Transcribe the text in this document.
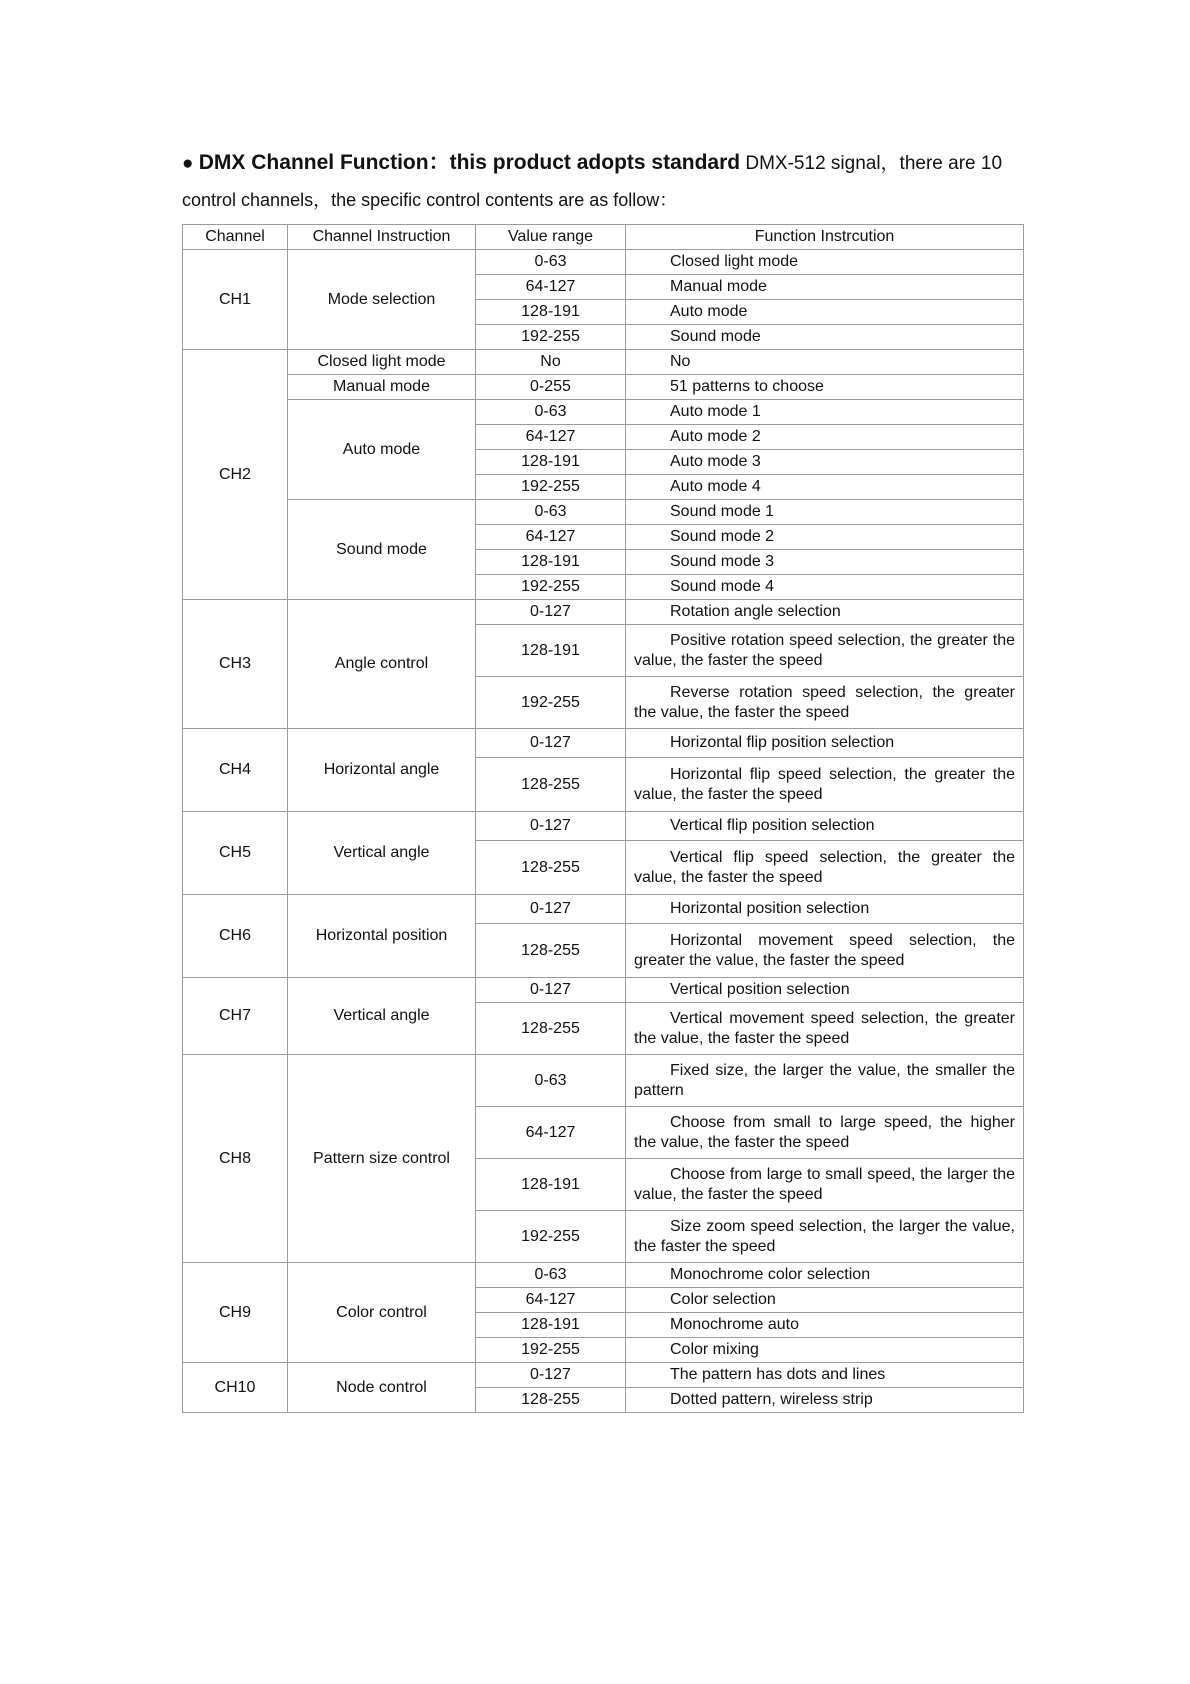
● DMX Channel Function：this product adopts standard DMX-512 signal，there are 10
control channels，the specific control contents are as follow：
Channel	Channel Instruction	Value range	Function Instrcution
CH1	Mode selection	0-63	Closed light mode
		64-127	Manual mode
		128-191	Auto mode
		192-255	Sound mode
CH2	Closed light mode	No	No
	Manual mode	0-255	51 patterns to choose
	Auto mode	0-63	Auto mode 1
		64-127	Auto mode 2
		128-191	Auto mode 3
		192-255	Auto mode 4
	Sound mode	0-63	Sound mode 1
		64-127	Sound mode 2
		128-191	Sound mode 3
		192-255	Sound mode 4
CH3	Angle control	0-127	Rotation angle selection
		128-191	Positive rotation speed selection, the greater the value, the faster the speed
		192-255	Reverse rotation speed selection, the greater the value, the faster the speed
CH4	Horizontal angle	0-127	Horizontal flip position selection
		128-255	Horizontal flip speed selection, the greater the value, the faster the speed
CH5	Vertical angle	0-127	Vertical flip position selection
		128-255	Vertical flip speed selection, the greater the value, the faster the speed
CH6	Horizontal position	0-127	Horizontal position selection
		128-255	Horizontal movement speed selection, the greater the value, the faster the speed
CH7	Vertical angle	0-127	Vertical position selection
		128-255	Vertical movement speed selection, the greater the value, the faster the speed
CH8	Pattern size control	0-63	Fixed size, the larger the value, the smaller the pattern
		64-127	Choose from small to large speed, the higher the value, the faster the speed
		128-191	Choose from large to small speed, the larger the value, the faster the speed
		192-255	Size zoom speed selection, the larger the value, the faster the speed
CH9	Color control	0-63	Monochrome color selection
		64-127	Color selection
		128-191	Monochrome auto
		192-255	Color mixing
CH10	Node control	0-127	The pattern has dots and lines
		128-255	Dotted pattern, wireless strip
